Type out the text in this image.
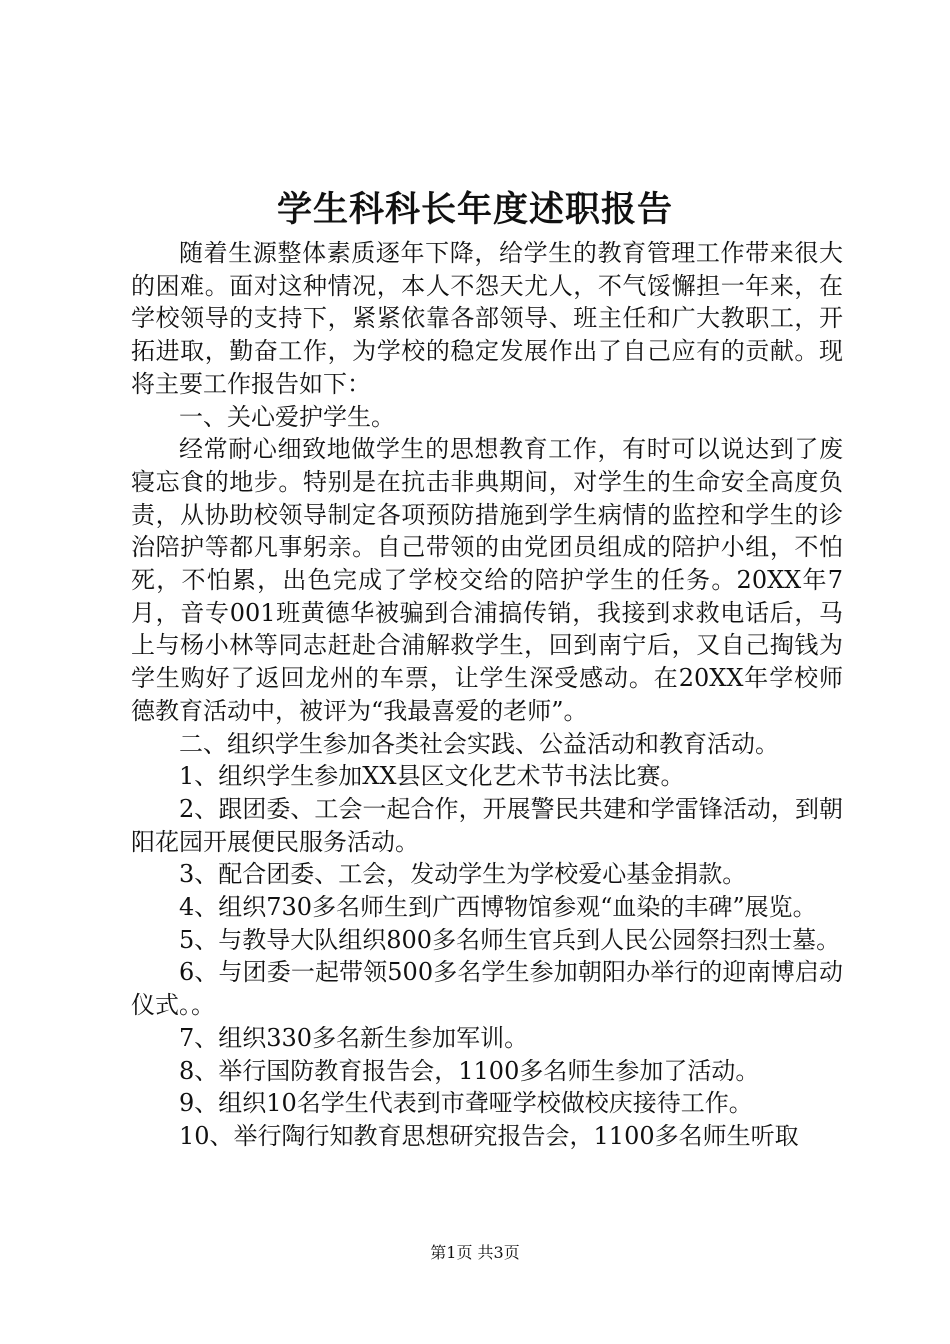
学生科科长年度述职报告

随着生源整体素质逐年下降，给学生的教育管理工作带来很大的困难。面对这种情况，本人不怨天尤人，不气馁懈担一年来，在学校领导的支持下，紧紧依靠各部领导、班主任和广大教职工，开拓进取，勤奋工作，为学校的稳定发展作出了自己应有的贡献。现将主要工作报告如下：

一、关心爱护学生。

经常耐心细致地做学生的思想教育工作，有时可以说达到了废寝忘食的地步。特别是在抗击非典期间，对学生的生命安全高度负责，从协助校领导制定各项预防措施到学生病情的监控和学生的诊治陪护等都凡事躬亲。自己带领的由党团员组成的陪护小组，不怕死，不怕累，出色完成了学校交给的陪护学生的任务。20XX年7月，音专001班黄德华被骗到合浦搞传销，我接到求救电话后，马上与杨小林等同志赶赴合浦解救学生，回到南宁后，又自己掏钱为学生购好了返回龙州的车票，让学生深受感动。在20XX年学校师德教育活动中，被评为“我最喜爱的老师”。

二、组织学生参加各类社会实践、公益活动和教育活动。

1、组织学生参加XX县区文化艺术节书法比赛。

2、跟团委、工会一起合作，开展警民共建和学雷锋活动，到朝阳花园开展便民服务活动。

3、配合团委、工会，发动学生为学校爱心基金捐款。

4、组织730多名师生到广西博物馆参观“血染的丰碑”展览。

5、与教导大队组织800多名师生官兵到人民公园祭扫烈士墓。

6、与团委一起带领500多名学生参加朝阳办举行的迎南博启动仪式。。

7、组织330多名新生参加军训。

8、举行国防教育报告会，1100多名师生参加了活动。

9、组织10名学生代表到市聋哑学校做校庆接待工作。

10、举行陶行知教育思想研究报告会，1100多名师生听取

第1页 共3页
